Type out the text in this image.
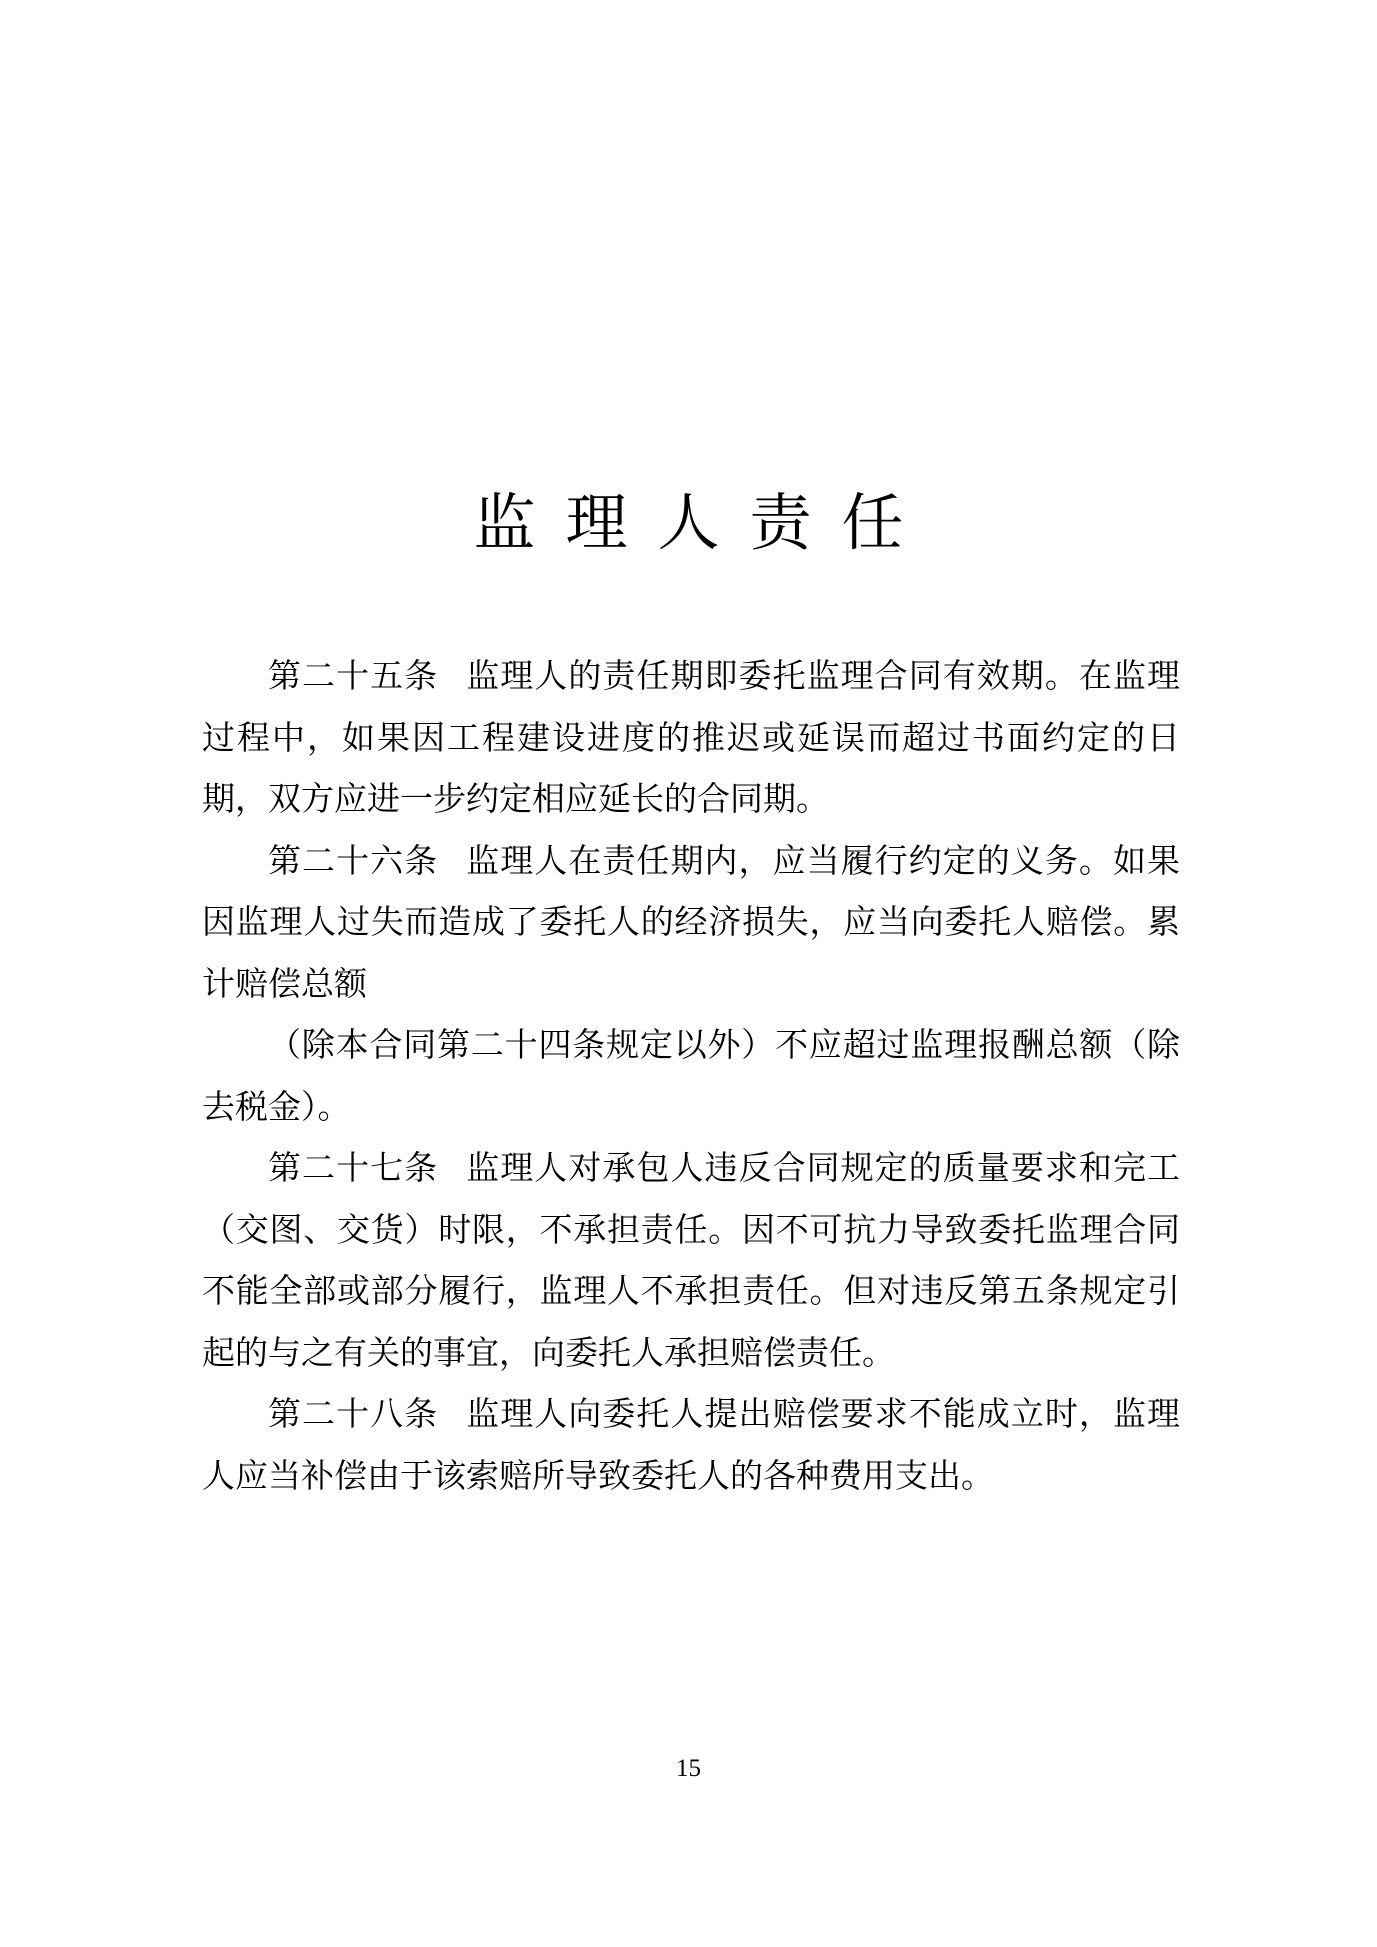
监理人责任

第二十五条 监理人的责任期即委托监理合同有效期。在监理过程中，如果因工程建设进度的推迟或延误而超过书面约定的日期，双方应进一步约定相应延长的合同期。

第二十六条 监理人在责任期内，应当履行约定的义务。如果因监理人过失而造成了委托人的经济损失，应当向委托人赔偿。累计赔偿总额

（除本合同第二十四条规定以外）不应超过监理报酬总额（除去税金）。

第二十七条 监理人对承包人违反合同规定的质量要求和完工（交图、交货）时限，不承担责任。因不可抗力导致委托监理合同不能全部或部分履行，监理人不承担责任。但对违反第五条规定引起的与之有关的事宜，向委托人承担赔偿责任。

第二十八条 监理人向委托人提出赔偿要求不能成立时，监理人应当补偿由于该索赔所导致委托人的各种费用支出。

15
